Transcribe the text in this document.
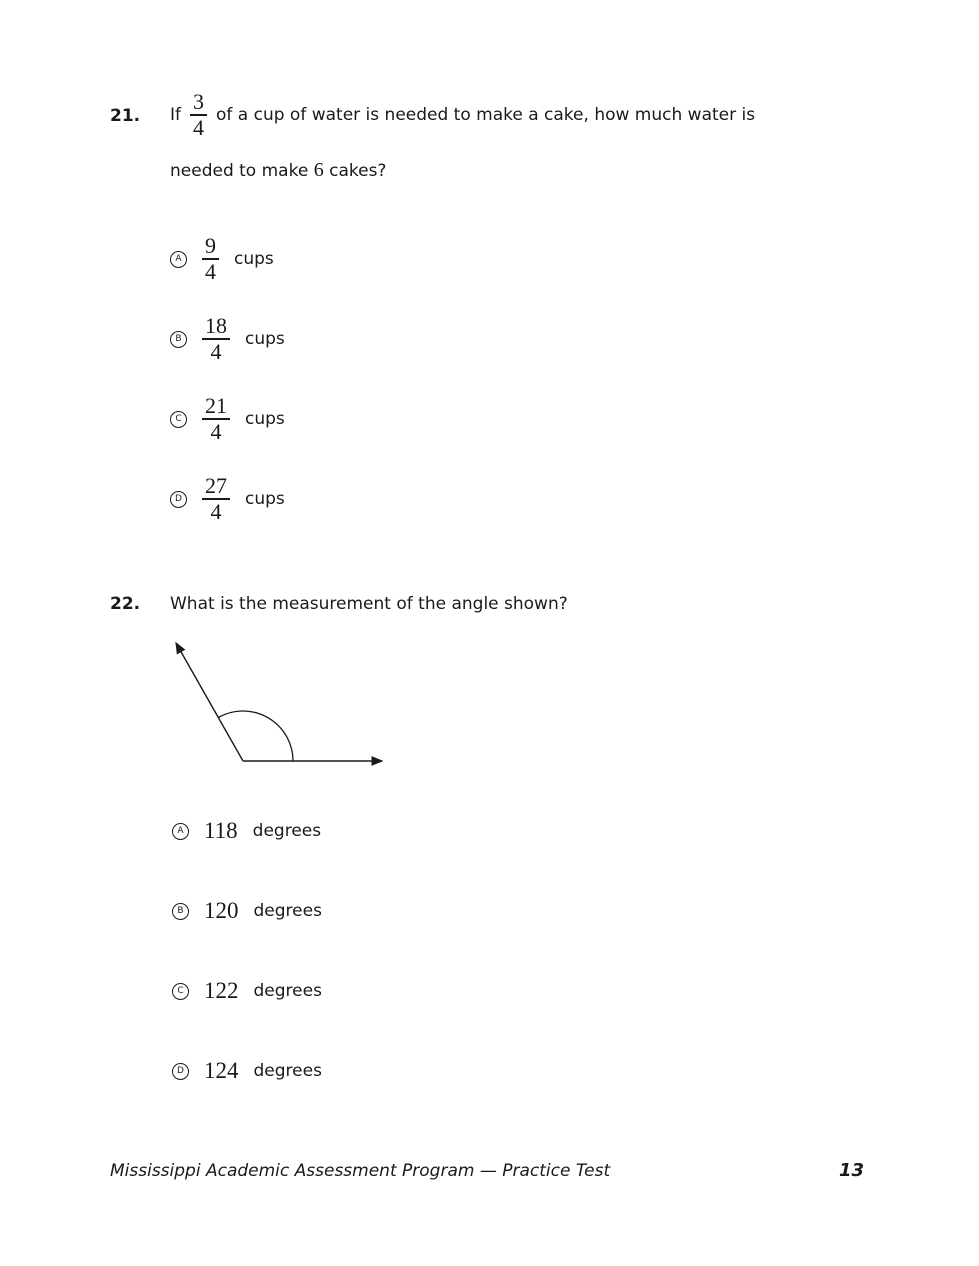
21.	If $\frac{3}{4}$ of a cup of water is needed to make a cake, how much water is
needed to make 6 cakes?
A $\frac{9}{4}$ cups
B $\frac{18}{4}$ cups
C $\frac{21}{4}$ cups
D $\frac{27}{4}$ cups
22.	What is the measurement of the angle shown?
A 118 degrees
B 120 degrees
C 122 degrees
D 124 degrees
Mississippi Academic Assessment Program — Practice Test	13
